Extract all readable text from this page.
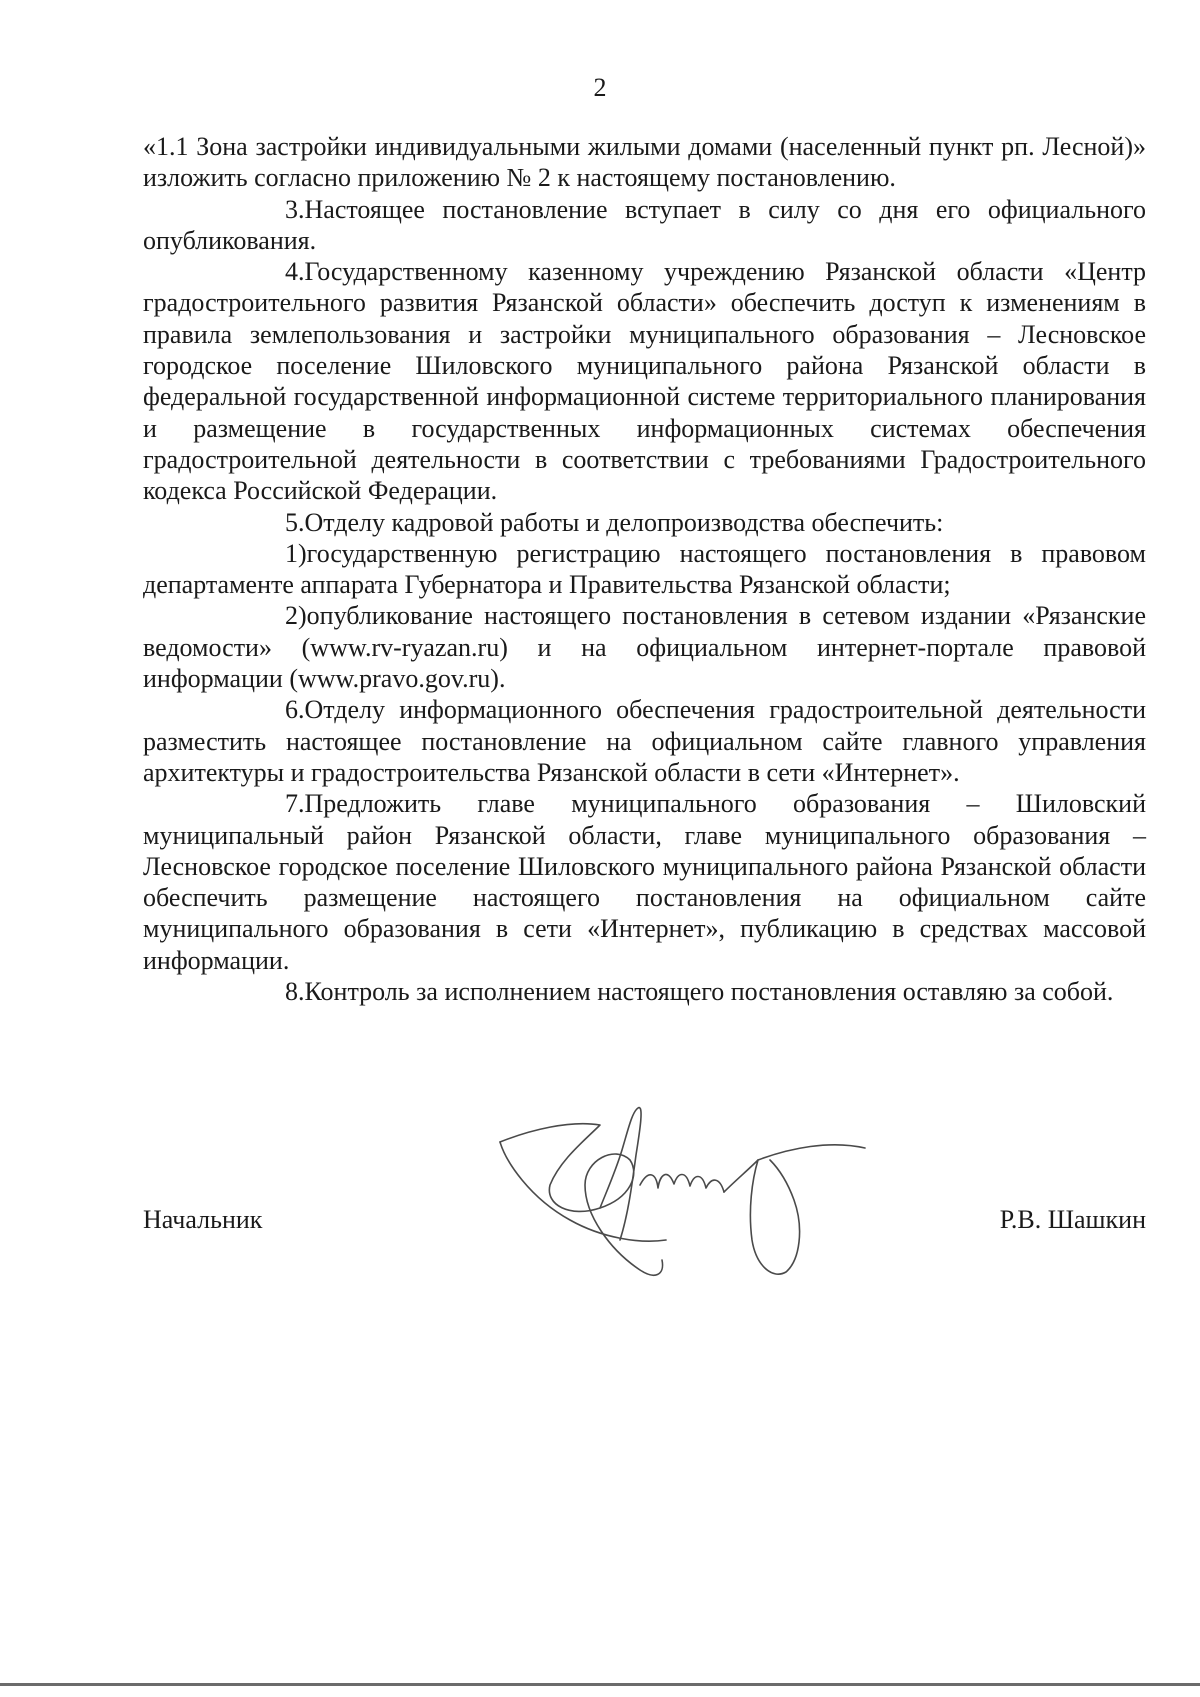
2

«1.1 Зона застройки индивидуальными жилыми домами (населенный пункт рп. Лесной)» изложить согласно приложению № 2 к настоящему постановлению.

3.Настоящее постановление вступает в силу со дня его официального опубликования.

4.Государственному казенному учреждению Рязанской области «Центр градостроительного развития Рязанской области» обеспечить доступ к изменениям в правила землепользования и застройки муниципального образования – Лесновское городское поселение Шиловского муниципального района Рязанской области в федеральной государственной информационной системе территориального планирования и размещение в государственных информационных системах обеспечения градостроительной деятельности в соответствии с требованиями Градостроительного кодекса Российской Федерации.

5.Отделу кадровой работы и делопроизводства обеспечить:

1)государственную регистрацию настоящего постановления в правовом департаменте аппарата Губернатора и Правительства Рязанской области;

2)опубликование настоящего постановления в сетевом издании «Рязанские ведомости» (www.rv-ryazan.ru) и на официальном интернет-портале правовой информации (www.pravo.gov.ru).

6.Отделу информационного обеспечения градостроительной деятельности разместить настоящее постановление на официальном сайте главного управления архитектуры и градостроительства Рязанской области в сети «Интернет».

7.Предложить главе муниципального образования – Шиловский муниципальный район Рязанской области, главе муниципального образования – Лесновское городское поселение Шиловского муниципального района Рязанской области обеспечить размещение настоящего постановления на официальном сайте муниципального образования в сети «Интернет», публикацию в средствах массовой информации.

8.Контроль за исполнением настоящего постановления оставляю за собой.

Начальник	Р.В. Шашкин
